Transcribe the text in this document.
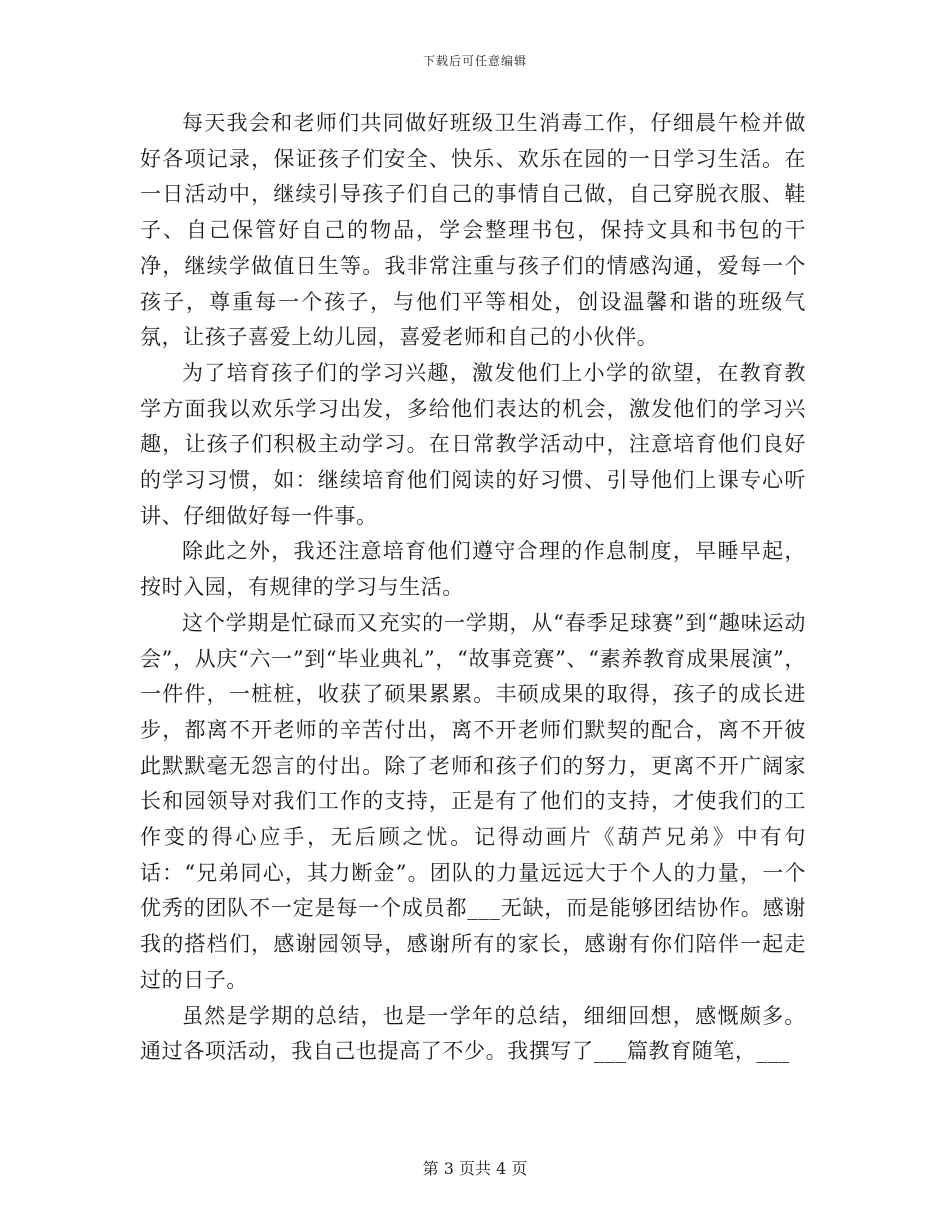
下载后可任意编辑

每天我会和老师们共同做好班级卫生消毒工作，仔细晨午检并做好各项记录，保证孩子们安全、快乐、欢乐在园的一日学习生活。在一日活动中，继续引导孩子们自己的事情自己做，自己穿脱衣服、鞋子、自己保管好自己的物品，学会整理书包，保持文具和书包的干净，继续学做值日生等。我非常注重与孩子们的情感沟通，爱每一个孩子，尊重每一个孩子，与他们平等相处，创设温馨和谐的班级气氛，让孩子喜爱上幼儿园，喜爱老师和自己的小伙伴。

为了培育孩子们的学习兴趣，激发他们上小学的欲望，在教育教学方面我以欢乐学习出发，多给他们表达的机会，激发他们的学习兴趣，让孩子们积极主动学习。在日常教学活动中，注意培育他们良好的学习习惯，如：继续培育他们阅读的好习惯、引导他们上课专心听讲、仔细做好每一件事。

除此之外，我还注意培育他们遵守合理的作息制度，早睡早起，按时入园，有规律的学习与生活。

这个学期是忙碌而又充实的一学期，从“春季足球赛”到“趣味运动会”，从庆“六一”到“毕业典礼”，“故事竞赛”、“素养教育成果展演”，一件件，一桩桩，收获了硕果累累。丰硕成果的取得，孩子的成长进步，都离不开老师的辛苦付出，离不开老师们默契的配合，离不开彼此默默毫无怨言的付出。除了老师和孩子们的努力，更离不开广阔家长和园领导对我们工作的支持，正是有了他们的支持，才使我们的工作变的得心应手，无后顾之忧。记得动画片《葫芦兄弟》中有句话：“兄弟同心，其力断金”。团队的力量远远大于个人的力量，一个优秀的团队不一定是每一个成员都___无缺，而是能够团结协作。感谢我的搭档们，感谢园领导，感谢所有的家长，感谢有你们陪伴一起走过的日子。

虽然是学期的总结，也是一学年的总结，细细回想，感慨颇多。通过各项活动，我自己也提高了不少。我撰写了___篇教育随笔，___

第 3 页共 4 页
